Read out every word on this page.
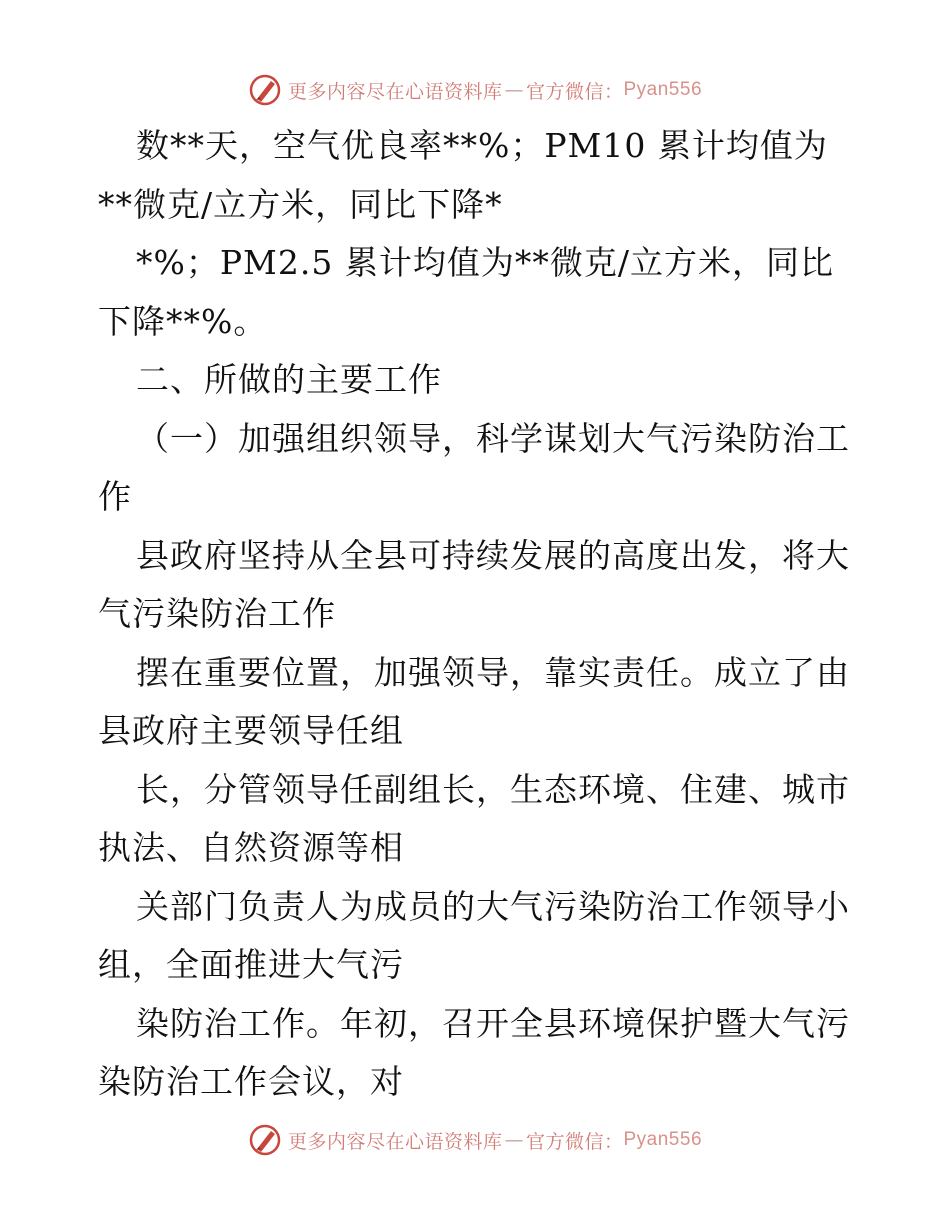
更多内容尽在心语资料库 — 官方微信： Pyan556

数**天，空气优良率**%；PM10 累计均值为**微克/立方米，同比下降*

*%；PM2.5 累计均值为**微克/立方米，同比下降**%。

二、所做的主要工作

（一）加强组织领导，科学谋划大气污染防治工作

县政府坚持从全县可持续发展的高度出发，将大气污染防治工作

摆在重要位置，加强领导，靠实责任。成立了由县政府主要领导任组

长，分管领导任副组长，生态环境、住建、城市执法、自然资源等相

关部门负责人为成员的大气污染防治工作领导小组，全面推进大气污

染防治工作。年初，召开全县环境保护暨大气污染防治工作会议，对

更多内容尽在心语资料库 — 官方微信： Pyan556
